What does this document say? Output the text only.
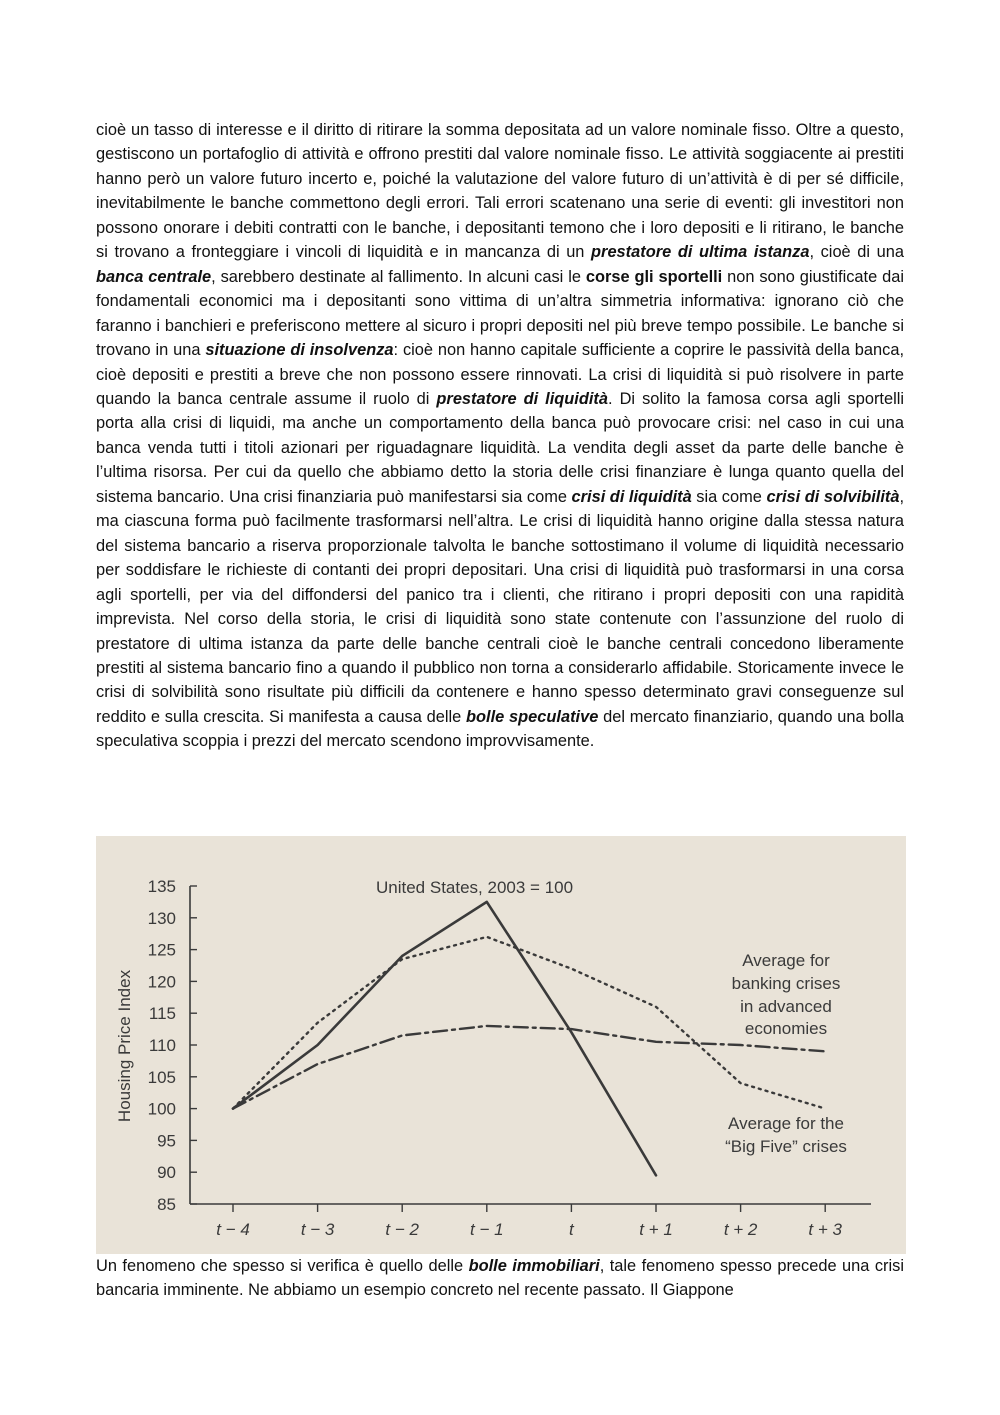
cioè un tasso di interesse e il diritto di ritirare la somma depositata ad un valore nominale fisso. Oltre a questo, gestiscono un portafoglio di attività e offrono prestiti dal valore nominale fisso. Le attività soggiacente ai prestiti hanno però un valore futuro incerto e, poiché la valutazione del valore futuro di un’attività è di per sé difficile, inevitabilmente le banche commettono degli errori. Tali errori scatenano una serie di eventi: gli investitori non possono onorare i debiti contratti con le banche, i depositanti temono che i loro depositi e li ritirano, le banche si trovano a fronteggiare i vincoli di liquidità e in mancanza di un prestatore di ultima istanza, cioè di una banca centrale, sarebbero destinate al fallimento. In alcuni casi le corse gli sportelli non sono giustificate dai fondamentali economici ma i depositanti sono vittima di un’altra simmetria informativa: ignorano ciò che faranno i banchieri e preferiscono mettere al sicuro i propri depositi nel più breve tempo possibile. Le banche si trovano in una situazione di insolvenza: cioè non hanno capitale sufficiente a coprire le passività della banca, cioè depositi e prestiti a breve che non possono essere rinnovati. La crisi di liquidità si può risolvere in parte quando la banca centrale assume il ruolo di prestatore di liquidità. Di solito la famosa corsa agli sportelli porta alla crisi di liquidi, ma anche un comportamento della banca può provocare crisi: nel caso in cui una banca venda tutti i titoli azionari per riguadagnare liquidità. La vendita degli asset da parte delle banche è l’ultima risorsa. Per cui da quello che abbiamo detto la storia delle crisi finanziare è lunga quanto quella del sistema bancario. Una crisi finanziaria può manifestarsi sia come crisi di liquidità sia come crisi di solvibilità, ma ciascuna forma può facilmente trasformarsi nell’altra. Le crisi di liquidità hanno origine dalla stessa natura del sistema bancario a riserva proporzionale talvolta le banche sottostimano il volume di liquidità necessario per soddisfare le richieste di contanti dei propri depositari. Una crisi di liquidità può trasformarsi in una corsa agli sportelli, per via del diffondersi del panico tra i clienti, che ritirano i propri depositi con una rapidità imprevista. Nel corso della storia, le crisi di liquidità sono state contenute con l’assunzione del ruolo di prestatore di ultima istanza da parte delle banche centrali cioè le banche centrali concedono liberamente prestiti al sistema bancario fino a quando il pubblico non torna a considerarlo affidabile. Storicamente invece le crisi di solvibilità sono risultate più difficili da contenere e hanno spesso determinato gravi conseguenze sul reddito e sulla crescita. Si manifesta a causa delle bolle speculative del mercato finanziario, quando una bolla speculativa scoppia i prezzi del mercato scendono improvvisamente.

85
90
95
100
105
110
115
120
125
130
135
t − 4	t − 3	t − 2	t − 1	t	t + 1	t + 2	t + 3
Housing Price Index
United States, 2003 = 100
Average for
banking crises
in advanced
economies
Average for the
“Big Five” crises

Un fenomeno che spesso si verifica è quello delle bolle immobiliari, tale fenomeno spesso precede una crisi bancaria imminente. Ne abbiamo un esempio concreto nel recente passato. Il Giappone
